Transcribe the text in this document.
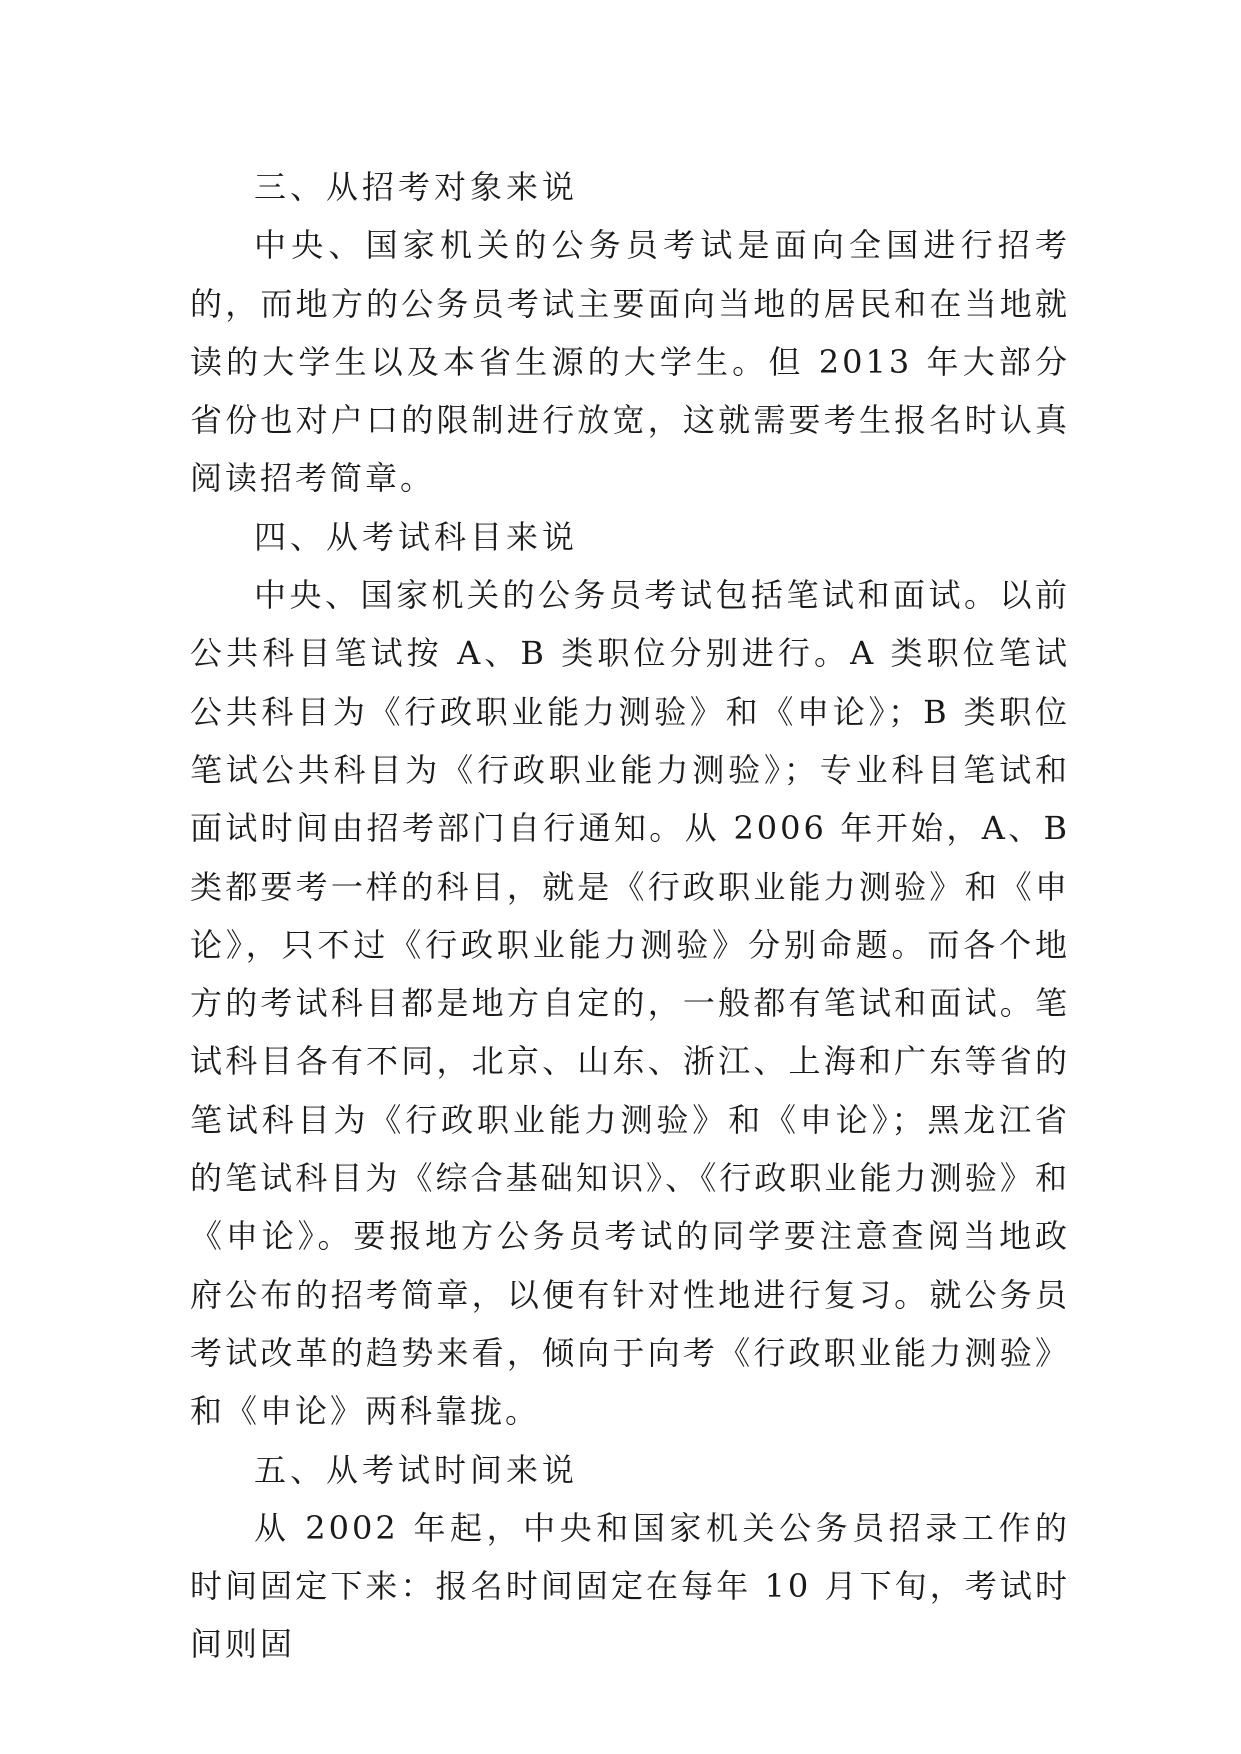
三、从招考对象来说

中央、国家机关的公务员考试是面向全国进行招考的，而地方的公务员考试主要面向当地的居民和在当地就读的大学生以及本省生源的大学生。但 2013 年大部分省份也对户口的限制进行放宽，这就需要考生报名时认真阅读招考简章。

四、从考试科目来说

中央、国家机关的公务员考试包括笔试和面试。以前公共科目笔试按 A、B 类职位分别进行。A 类职位笔试公共科目为《行政职业能力测验》和《申论》；B 类职位笔试公共科目为《行政职业能力测验》；专业科目笔试和面试时间由招考部门自行通知。从 2006 年开始，A、B 类都要考一样的科目，就是《行政职业能力测验》和《申论》，只不过《行政职业能力测验》分别命题。而各个地方的考试科目都是地方自定的，一般都有笔试和面试。笔试科目各有不同，北京、山东、浙江、上海和广东等省的笔试科目为《行政职业能力测验》和《申论》；黑龙江省的笔试科目为《综合基础知识》、《行政职业能力测验》和《申论》。要报地方公务员考试的同学要注意查阅当地政府公布的招考简章，以便有针对性地进行复习。就公务员考试改革的趋势来看，倾向于向考《行政职业能力测验》和《申论》两科靠拢。

五、从考试时间来说

从 2002 年起，中央和国家机关公务员招录工作的时间固定下来：报名时间固定在每年 10 月下旬，考试时间则固
